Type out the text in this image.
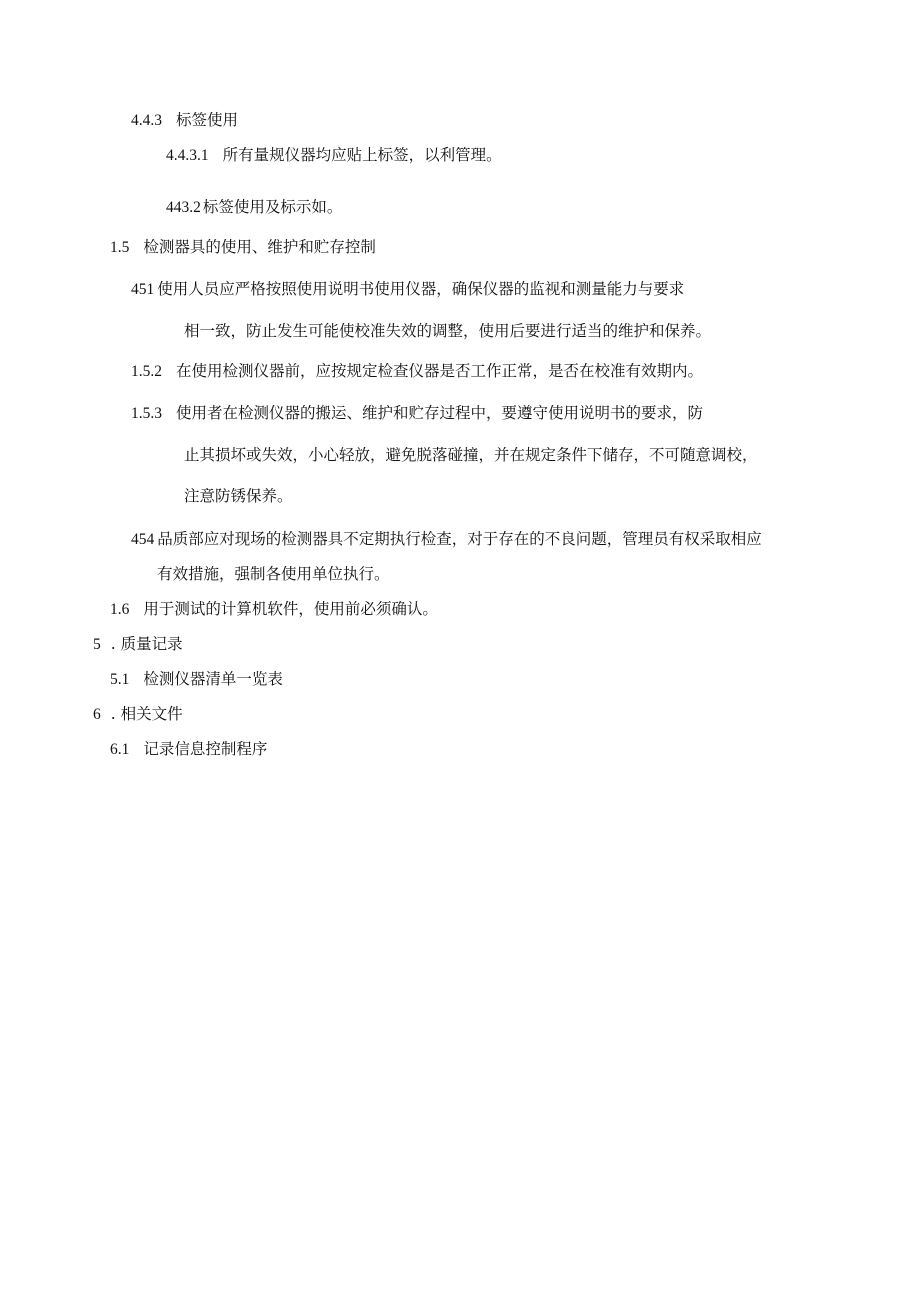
4.4.3 标签使用
4.4.3.1 所有量规仪器均应贴上标签，以利管理。
443.2 标签使用及标示如。
1.5 检测器具的使用、维护和贮存控制
451 使用人员应严格按照使用说明书使用仪器，确保仪器的监视和测量能力与要求
相一致，防止发生可能使校准失效的调整，使用后要进行适当的维护和保养。
1.5.2 在使用检测仪器前，应按规定检查仪器是否工作正常，是否在校准有效期内。
1.5.3 使用者在检测仪器的搬运、维护和贮存过程中，要遵守使用说明书的要求，防
止其损坏或失效，小心轻放，避免脱落碰撞，并在规定条件下储存，不可随意调校，
注意防锈保养。
454 品质部应对现场的检测器具不定期执行检查，对于存在的不良问题，管理员有权采取相应
有效措施，强制各使用单位执行。
1.6 用于测试的计算机软件，使用前必须确认。
5 . 质量记录
5.1 检测仪器清单一览表
6 . 相关文件
6.1 记录信息控制程序
